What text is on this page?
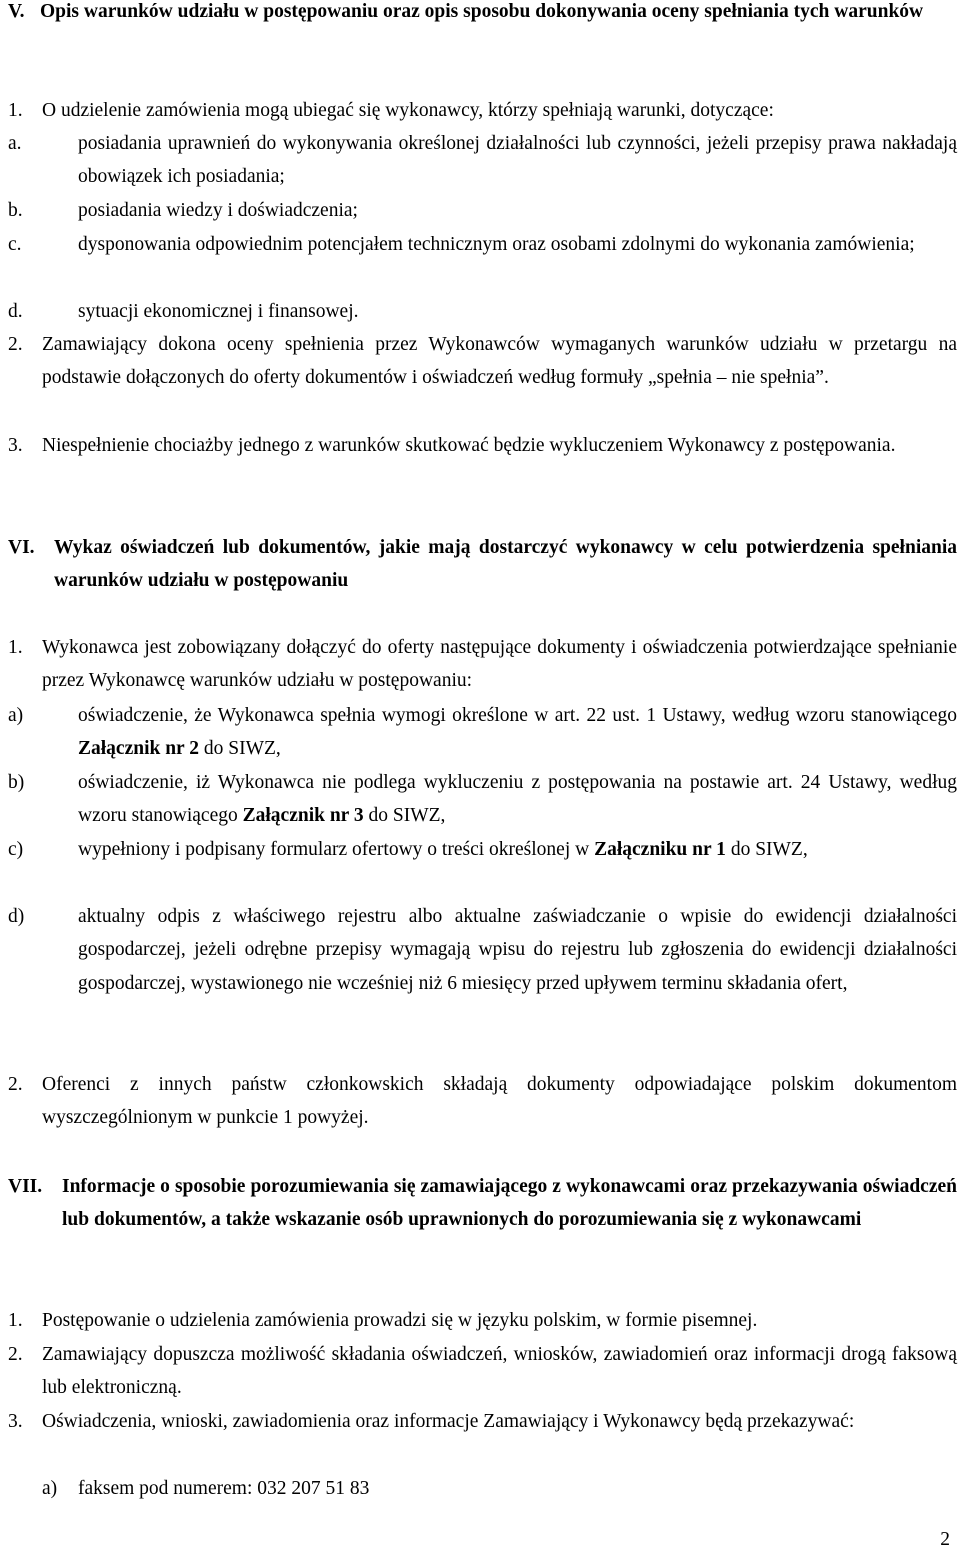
V. Opis warunków udziału w postępowaniu oraz opis sposobu dokonywania oceny spełniania tych warunków
1. O udzielenie zamówienia mogą ubiegać się wykonawcy, którzy spełniają warunki, dotyczące:
a.	posiadania uprawnień do wykonywania określonej działalności lub czynności, jeżeli przepisy prawa nakładają obowiązek ich posiadania;
b.	posiadania wiedzy i doświadczenia;
c.	dysponowania odpowiednim potencjałem technicznym oraz osobami zdolnymi do wykonania zamówienia;
d.	sytuacji ekonomicznej i finansowej.
2. Zamawiający dokona oceny spełnienia przez Wykonawców wymaganych warunków udziału w przetargu na podstawie dołączonych do oferty dokumentów i oświadczeń według formuły „spełnia – nie spełnia”.
3. Niespełnienie chociażby jednego z warunków skutkować będzie wykluczeniem Wykonawcy z postępowania.
VI. Wykaz oświadczeń lub dokumentów, jakie mają dostarczyć wykonawcy w celu potwierdzenia spełniania warunków udziału w postępowaniu
1. Wykonawca jest zobowiązany dołączyć do oferty następujące dokumenty i oświadczenia potwierdzające spełnianie przez Wykonawcę warunków udziału w postępowaniu:
a)	oświadczenie, że Wykonawca spełnia wymogi określone w art. 22 ust. 1 Ustawy, według wzoru stanowiącego Załącznik nr 2 do SIWZ,
b)	oświadczenie, iż Wykonawca nie podlega wykluczeniu z postępowania na postawie art. 24 Ustawy, według wzoru stanowiącego Załącznik nr 3 do SIWZ,
c)	wypełniony i podpisany formularz ofertowy o treści określonej w Załączniku nr 1 do SIWZ,
d)	aktualny odpis z właściwego rejestru albo aktualne zaświadczanie o wpisie do ewidencji działalności gospodarczej, jeżeli odrębne przepisy wymagają wpisu do rejestru lub zgłoszenia do ewidencji działalności gospodarczej, wystawionego nie wcześniej niż 6 miesięcy przed upływem terminu składania ofert,
2. Oferenci z innych państw członkowskich składają dokumenty odpowiadające polskim dokumentom wyszczególnionym w punkcie 1 powyżej.
VII.	Informacje o sposobie porozumiewania się zamawiającego z wykonawcami oraz przekazywania oświadczeń lub dokumentów, a także wskazanie osób uprawnionych do porozumiewania się z wykonawcami
1. Postępowanie o udzielenia zamówienia prowadzi się w języku polskim, w formie pisemnej.
2. Zamawiający dopuszcza możliwość składania oświadczeń, wniosków, zawiadomień oraz informacji drogą faksową lub elektroniczną.
3. Oświadczenia, wnioski, zawiadomienia oraz informacje Zamawiający i Wykonawcy będą przekazywać:
a)	faksem pod numerem: 032 207 51 83
2
